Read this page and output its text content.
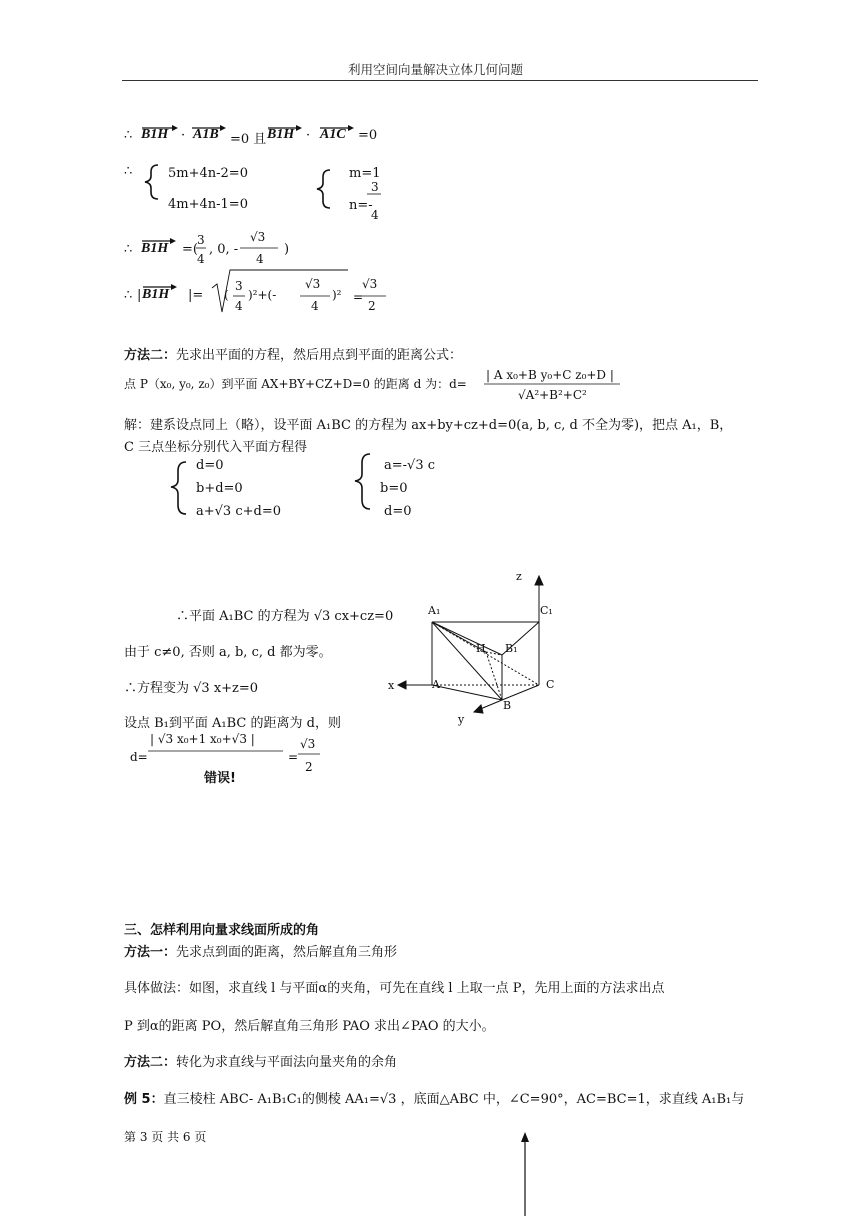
利用空间向量解决立体几何问题
∴ B1H · A1B =0 且 B1H · A1C =0
∴	5m+4n-2=0
4m+4n-1=0
m=1
n=-
3
4
∴ B1H =(
3
4
, 0, -
√3
4
)
∴ | B1H |= (
3
4
)²+(-
√3
4
)² =
√3
2
方法二：先求出平面的方程，然后用点到平面的距离公式：
点 P（x₀, y₀, z₀）到平面 AX+BY+CZ+D=0 的距离 d 为：d=
| A x₀+B y₀+C z₀+D |
√A²+B²+C²
解：建系设点同上（略），设平面 A₁BC 的方程为 ax+by+cz+d=0(a, b, c, d 不全为零)，把点 A₁，B，
C 三点坐标分别代入平面方程得
d=0
b+d=0
a+√3 c+d=0
a=-√3 c
b=0
d=0
∴平面 A₁BC 的方程为 √3 cx+cz=0
由于 c≠0, 否则 a, b, c, d 都为零。
∴方程变为 √3 x+z=0
设点 B₁到平面 A₁BC 的距离为 d，则
d=
| √3 x₀+1 x₀+√3 |
=
√3
2
错误!
z
A₁	C₁
H B₁
x	A	C
B
y
三、怎样利用向量求线面所成的角
方法一：先求点到面的距离，然后解直角三角形
具体做法：如图，求直线 l 与平面α的夹角，可先在直线 l 上取一点 P，先用上面的方法求出点
P 到α的距离 PO，然后解直角三角形 PAO 求出∠PAO 的大小。
方法二：转化为求直线与平面法向量夹角的余角
例 5：直三棱柱 ABC- A₁B₁C₁的侧棱 AA₁=√3 ，底面△ABC 中，∠C=90°，AC=BC=1，求直线 A₁B₁与
第 3 页 共 6 页
